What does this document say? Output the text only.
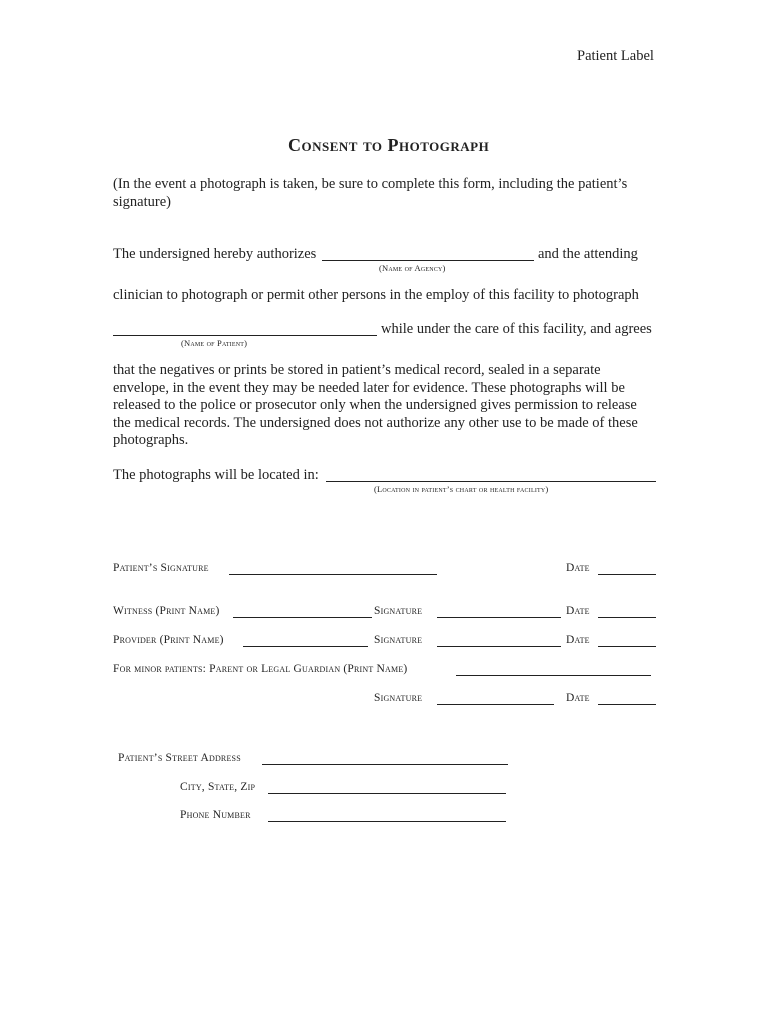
Patient Label
Consent to Photograph
(In the event a photograph is taken, be sure to complete this form, including the patient’s signature)
The undersigned hereby authorizes	and the attending
(Name of Agency)
clinician to photograph or permit other persons in the employ of this facility to photograph
while under the care of this facility, and agrees
(Name of Patient)
that the negatives or prints be stored in patient’s medical record, sealed in a separate envelope, in the event they may be needed later for evidence. These photographs will be released to the police or prosecutor only when the undersigned gives permission to release the medical records. The undersigned does not authorize any other use to be made of these photographs.
The photographs will be located in:
(Location in patient’s chart or health facility)
Patient’s Signature	Date
Witness (Print Name)	Signature	Date
Provider (Print Name)	Signature	Date
For minor patients: Parent or Legal Guardian (Print Name)
Signature	Date
Patient’s Street Address
City, State, Zip
Phone Number
